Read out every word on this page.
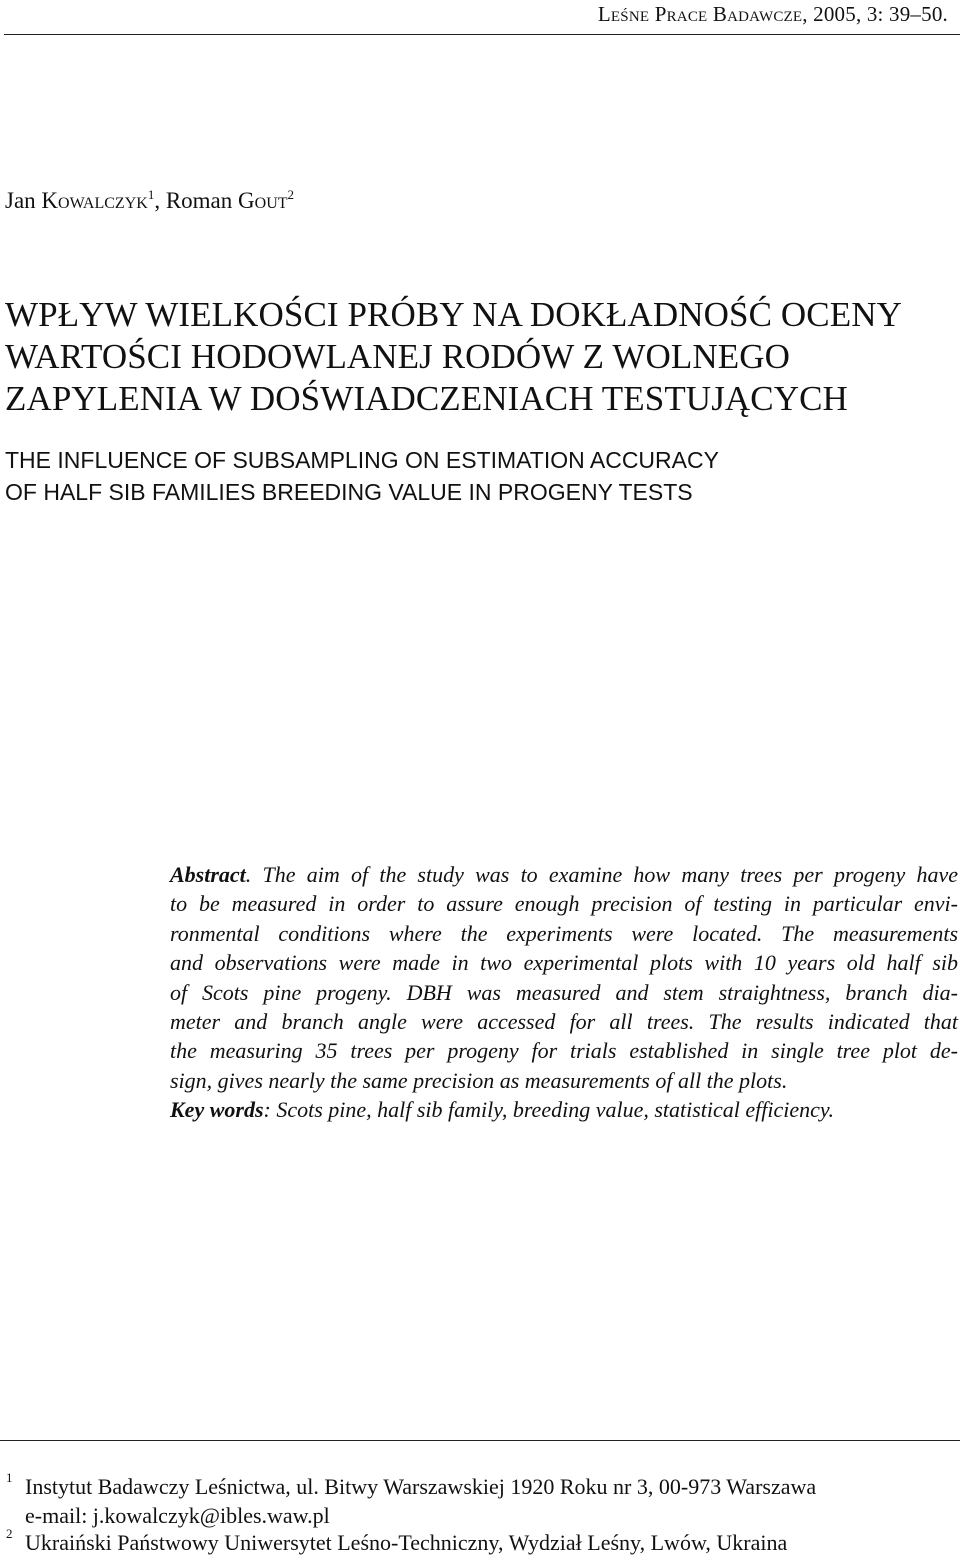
Leśne Prace Badawcze, 2005, 3: 39–50.
Jan Kowalczyk$^1$, Roman Gout$^2$
WPŁYW WIELKOŚCI PRÓBY NA DOKŁADNOŚĆ OCENY
WARTOŚCI HODOWLANEJ RODÓW Z WOLNEGO
ZAPYLENIA W DOŚWIADCZENIACH TESTUJĄCYCH
THE INFLUENCE OF SUBSAMPLING ON ESTIMATION ACCURACY
OF HALF SIB FAMILIES BREEDING VALUE IN PROGENY TESTS
Abstract. The aim of the study was to examine how many trees per progeny have
to be measured in order to assure enough precision of testing in particular envi-
ronmental conditions where the experiments were located. The measurements
and observations were made in two experimental plots with 10 years old half sib
of Scots pine progeny. DBH was measured and stem straightness, branch dia-
meter and branch angle were accessed for all trees. The results indicated that
the measuring 35 trees per progeny for trials established in single tree plot de-
sign, gives nearly the same precision as measurements of all the plots.
Key words: Scots pine, half sib family, breeding value, statistical efficiency.
1 Instytut Badawczy Leśnictwa, ul. Bitwy Warszawskiej 1920 Roku nr 3, 00-973 Warszawa
e-mail: j.kowalczyk@ibles.waw.pl
2 Ukraiński Państwowy Uniwersytet Leśno-Techniczny, Wydział Leśny, Lwów, Ukraina
